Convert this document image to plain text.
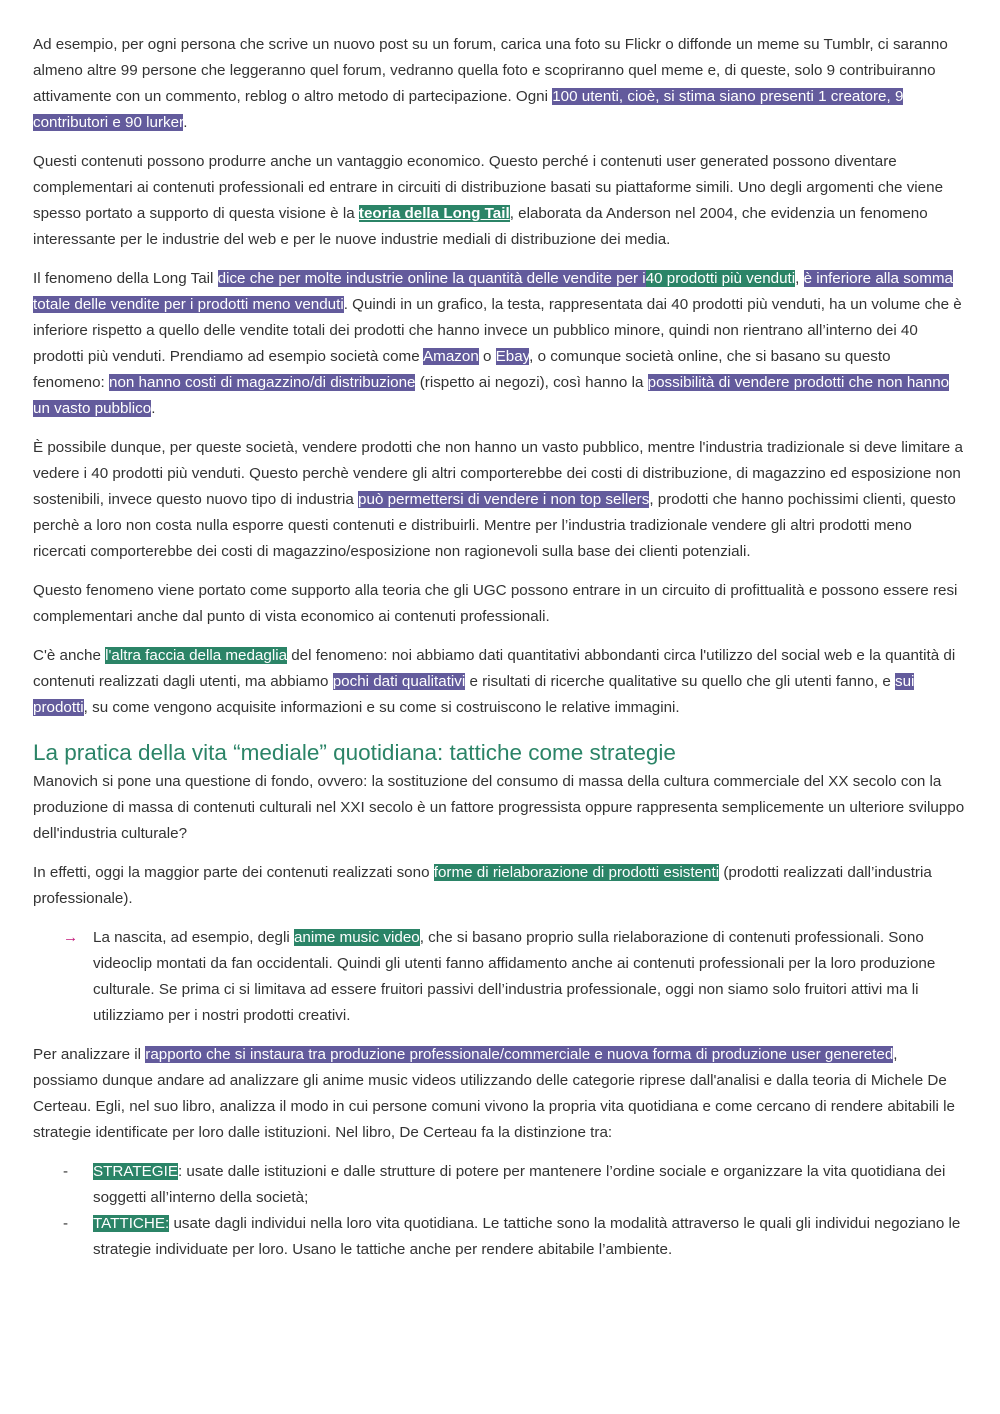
Ad esempio, per ogni persona che scrive un nuovo post su un forum, carica una foto su Flickr o diffonde un meme su Tumblr, ci saranno almeno altre 99 persone che leggeranno quel forum, vedranno quella foto e scopriranno quel meme e, di queste, solo 9 contribuiranno attivamente con un commento, reblog o altro metodo di partecipazione. Ogni 100 utenti, cioè, si stima siano presenti 1 creatore, 9 contributori e 90 lurker.

Questi contenuti possono produrre anche un vantaggio economico. Questo perché i contenuti user generated possono diventare complementari ai contenuti professionali ed entrare in circuiti di distribuzione basati su piattaforme simili. Uno degli argomenti che viene spesso portato a supporto di questa visione è la teoria della Long Tail, elaborata da Anderson nel 2004, che evidenzia un fenomeno interessante per le industrie del web e per le nuove industrie mediali di distribuzione dei media.

Il fenomeno della Long Tail dice che per molte industrie online la quantità delle vendite per i40 prodotti più venduti, è inferiore alla somma totale delle vendite per i prodotti meno venduti. Quindi in un grafico, la testa, rappresentata dai 40 prodotti più venduti, ha un volume che è inferiore rispetto a quello delle vendite totali dei prodotti che hanno invece un pubblico minore, quindi non rientrano all’interno dei 40 prodotti più venduti. Prendiamo ad esempio società come Amazon o Ebay, o comunque società online, che si basano su questo fenomeno: non hanno costi di magazzino/di distribuzione (rispetto ai negozi), così hanno la possibilità di vendere prodotti che non hanno un vasto pubblico.

È possibile dunque, per queste società, vendere prodotti che non hanno un vasto pubblico, mentre l'industria tradizionale si deve limitare a vedere i 40 prodotti più venduti. Questo perchè vendere gli altri comporterebbe dei costi di distribuzione, di magazzino ed esposizione non sostenibili, invece questo nuovo tipo di industria può permettersi di vendere i non top sellers, prodotti che hanno pochissimi clienti, questo perchè a loro non costa nulla esporre questi contenuti e distribuirli. Mentre per l’industria tradizionale vendere gli altri prodotti meno ricercati comporterebbe dei costi di magazzino/esposizione non ragionevoli sulla base dei clienti potenziali.

Questo fenomeno viene portato come supporto alla teoria che gli UGC possono entrare in un circuito di profittualità e possono essere resi complementari anche dal punto di vista economico ai contenuti professionali.

C'è anche l'altra faccia della medaglia del fenomeno: noi abbiamo dati quantitativi abbondanti circa l'utilizzo del social web e la quantità di contenuti realizzati dagli utenti, ma abbiamo pochi dati qualitativi e risultati di ricerche qualitative su quello che gli utenti fanno, e sui prodotti, su come vengono acquisite informazioni e su come si costruiscono le relative immagini.

La pratica della vita “mediale” quotidiana: tattiche come strategie

Manovich si pone una questione di fondo, ovvero: la sostituzione del consumo di massa della cultura commerciale del XX secolo con la produzione di massa di contenuti culturali nel XXI secolo è un fattore progressista oppure rappresenta semplicemente un ulteriore sviluppo dell'industria culturale?

In effetti, oggi la maggior parte dei contenuti realizzati sono forme di rielaborazione di prodotti esistenti (prodotti realizzati dall’industria professionale).

→ La nascita, ad esempio, degli anime music video, che si basano proprio sulla rielaborazione di contenuti professionali. Sono videoclip montati da fan occidentali. Quindi gli utenti fanno affidamento anche ai contenuti professionali per la loro produzione culturale. Se prima ci si limitava ad essere fruitori passivi dell’industria professionale, oggi non siamo solo fruitori attivi ma li utilizziamo per i nostri prodotti creativi.

Per analizzare il rapporto che si instaura tra produzione professionale/commerciale e nuova forma di produzione user genereted, possiamo dunque andare ad analizzare gli anime music videos utilizzando delle categorie riprese dall'analisi e dalla teoria di Michele De Certeau. Egli, nel suo libro, analizza il modo in cui persone comuni vivono la propria vita quotidiana e come cercano di rendere abitabili le strategie identificate per loro dalle istituzioni. Nel libro, De Certeau fa la distinzione tra:

- STRATEGIE: usate dalle istituzioni e dalle strutture di potere per mantenere l’ordine sociale e organizzare la vita quotidiana dei soggetti all’interno della società;
- TATTICHE: usate dagli individui nella loro vita quotidiana. Le tattiche sono la modalità attraverso le quali gli individui negoziano le strategie individuate per loro. Usano le tattiche anche per rendere abitabile l’ambiente.
